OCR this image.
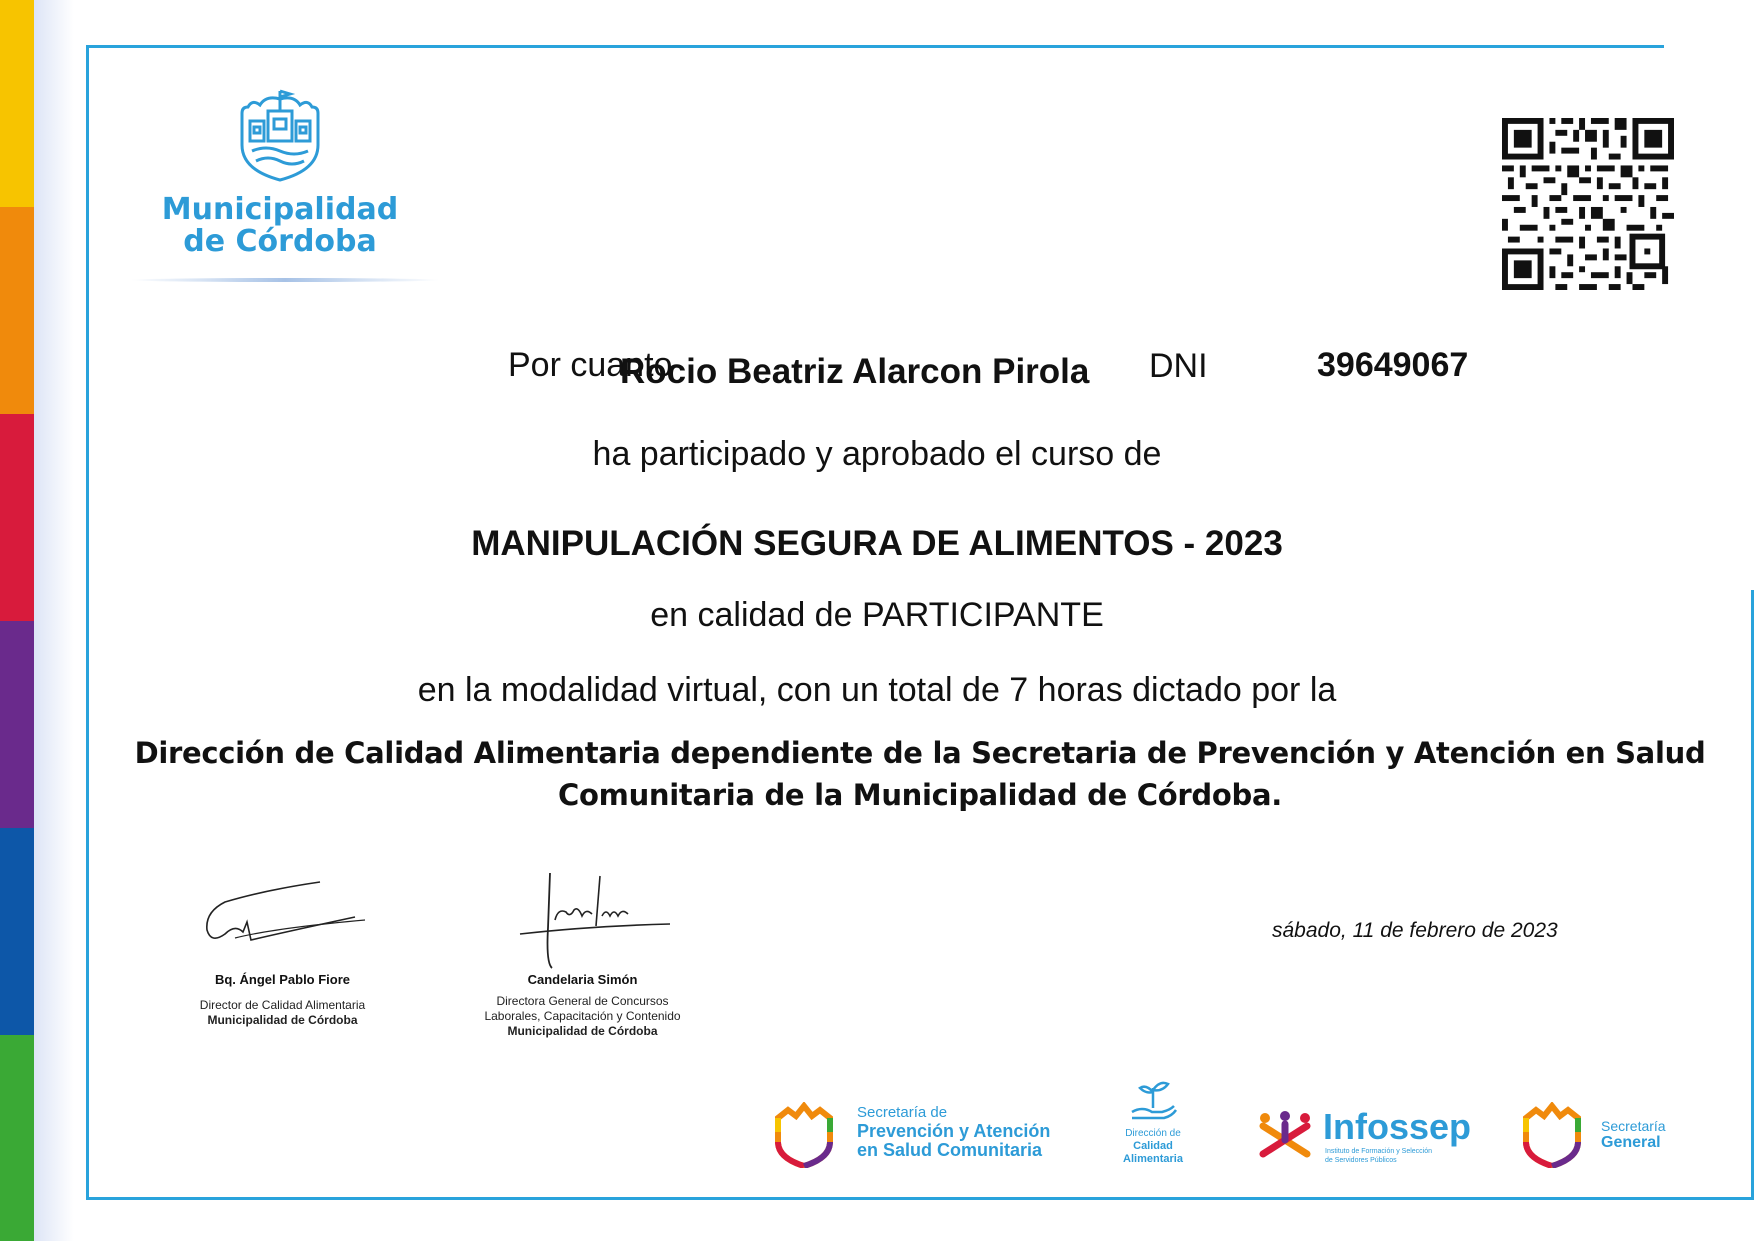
Municipalidad
de Córdoba
Por cuanto
Rocio Beatriz Alarcon Pirola DNI	39649067
ha participado y aprobado el curso de
MANIPULACIÓN SEGURA DE ALIMENTOS - 2023
en calidad de PARTICIPANTE
en la modalidad virtual, con un total de 7 horas dictado por la
Dirección de Calidad Alimentaria dependiente de la Secretaria de Prevención y Atención en Salud
Comunitaria de la Municipalidad de Córdoba.
sábado, 11 de febrero de 2023
Bq. Ángel Pablo Fiore
Director de Calidad Alimentaria
Municipalidad de Córdoba
Candelaria Simón
Directora General de Concursos
Laborales, Capacitación y Contenido
Municipalidad de Córdoba
Secretaría de
Prevención y Atención
en Salud Comunitaria
Dirección de
Calidad
Alimentaria
Infossep
Instituto de Formación y Selección
de Servidores Públicos
Secretaría
General
